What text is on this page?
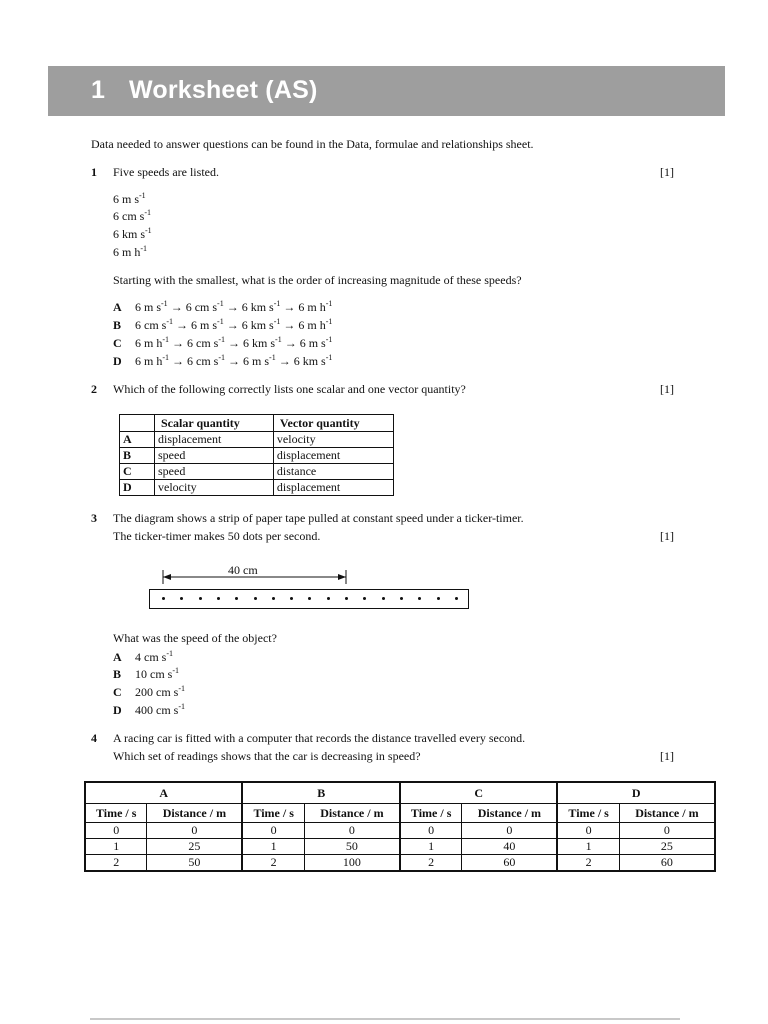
1 Worksheet (AS)
Data needed to answer questions can be found in the Data, formulae and relationships sheet.
1 Five speeds are listed.	[1]
6 m $s^{-1}$
6 cm $s^{-1}$
6 km $s^{-1}$
6 m $h^{-1}$
Starting with the smallest, what is the order of increasing magnitude of these speeds?
A 6 m $s^{-1} \to 6$ cm $s^{-1} \to 6$ km $s^{-1} \to 6$ m $h^{-1}$
B 6 cm $s^{-1} \to 6$ m $s^{-1} \to 6$ km $s^{-1} \to 6$ m $h^{-1}$
C 6 m $h^{-1} \to 6$ cm $s^{-1} \to 6$ km $s^{-1} \to 6$ m $s^{-1}$
D 6 m $h^{-1} \to 6$ cm $s^{-1} \to 6$ m $s^{-1} \to 6$ km $s^{-1}$
2 Which of the following correctly lists one scalar and one vector quantity?	[1]
	Scalar quantity	Vector quantity
A	displacement	velocity
B	speed	displacement
C	speed	distance
D	velocity	displacement
3 The diagram shows a strip of paper tape pulled at constant speed under a ticker-timer.
The ticker-timer makes 50 dots per second.	[1]
40 cm
What was the speed of the object?
A 4 cm $s^{-1}$
B 10 cm $s^{-1}$
C 200 cm $s^{-1}$
D 400 cm $s^{-1}$
4 A racing car is fitted with a computer that records the distance travelled every second.
Which set of readings shows that the car is decreasing in speed?	[1]
A		B		C		D	
Time / s	Distance / m	Time / s	Distance / m	Time / s	Distance / m	Time / s	Distance / m
0	0	0	0	0	0	0	0
1	25	1	50	1	40	1	25
2	50	2	100	2	60	2	60
